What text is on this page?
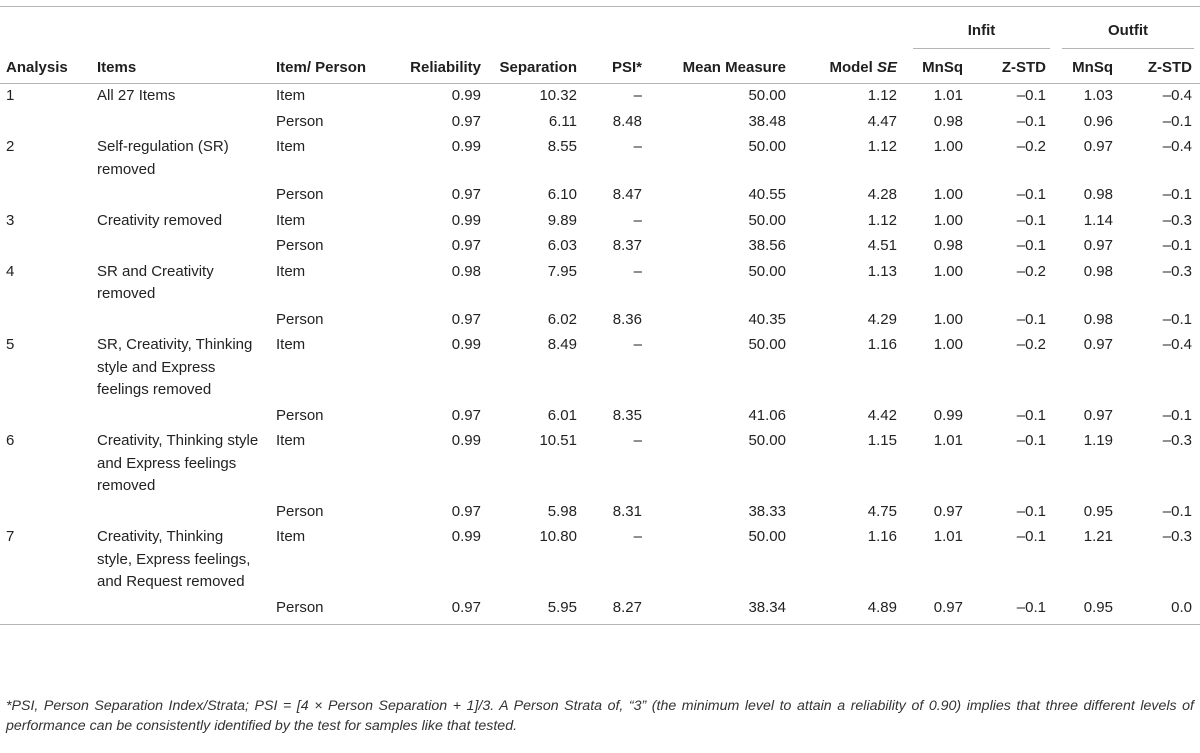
								Infit		Outfit	

Analysis	Items	Item/ Person	Reliability	Separation	PSI*	Mean Measure	Model SE	MnSq	Z-STD	MnSq	Z-STD
1	All 27 Items	Item	0.99	10.32	–	50.00	1.12	1.01	–0.1	1.03	–0.4
		Person	0.97	6.11	8.48	38.48	4.47	0.98	–0.1	0.96	–0.1
2	Self-regulation (SR) removed	Item	0.99	8.55	–	50.00	1.12	1.00	–0.2	0.97	–0.4
		Person	0.97	6.10	8.47	40.55	4.28	1.00	–0.1	0.98	–0.1
3	Creativity removed	Item	0.99	9.89	–	50.00	1.12	1.00	–0.1	1.14	–0.3
		Person	0.97	6.03	8.37	38.56	4.51	0.98	–0.1	0.97	–0.1
4	SR and Creativity removed	Item	0.98	7.95	–	50.00	1.13	1.00	–0.2	0.98	–0.3
		Person	0.97	6.02	8.36	40.35	4.29	1.00	–0.1	0.98	–0.1
5	SR, Creativity, Thinking style and Express feelings removed	Item	0.99	8.49	–	50.00	1.16	1.00	–0.2	0.97	–0.4
		Person	0.97	6.01	8.35	41.06	4.42	0.99	–0.1	0.97	–0.1
6	Creativity, Thinking style and Express feelings removed	Item	0.99	10.51	–	50.00	1.15	1.01	–0.1	1.19	–0.3
		Person	0.97	5.98	8.31	38.33	4.75	0.97	–0.1	0.95	–0.1
7	Creativity, Thinking style, Express feelings, and Request removed	Item	0.99	10.80	–	50.00	1.16	1.01	–0.1	1.21	–0.3
		Person	0.97	5.95	8.27	38.34	4.89	0.97	–0.1	0.95	0.0
*PSI, Person Separation Index/Strata; PSI = [4 × Person Separation + 1]/3. A Person Strata of, “3” (the minimum level to attain a reliability of 0.90) implies that three different levels of performance can be consistently identified by the test for samples like that tested.
